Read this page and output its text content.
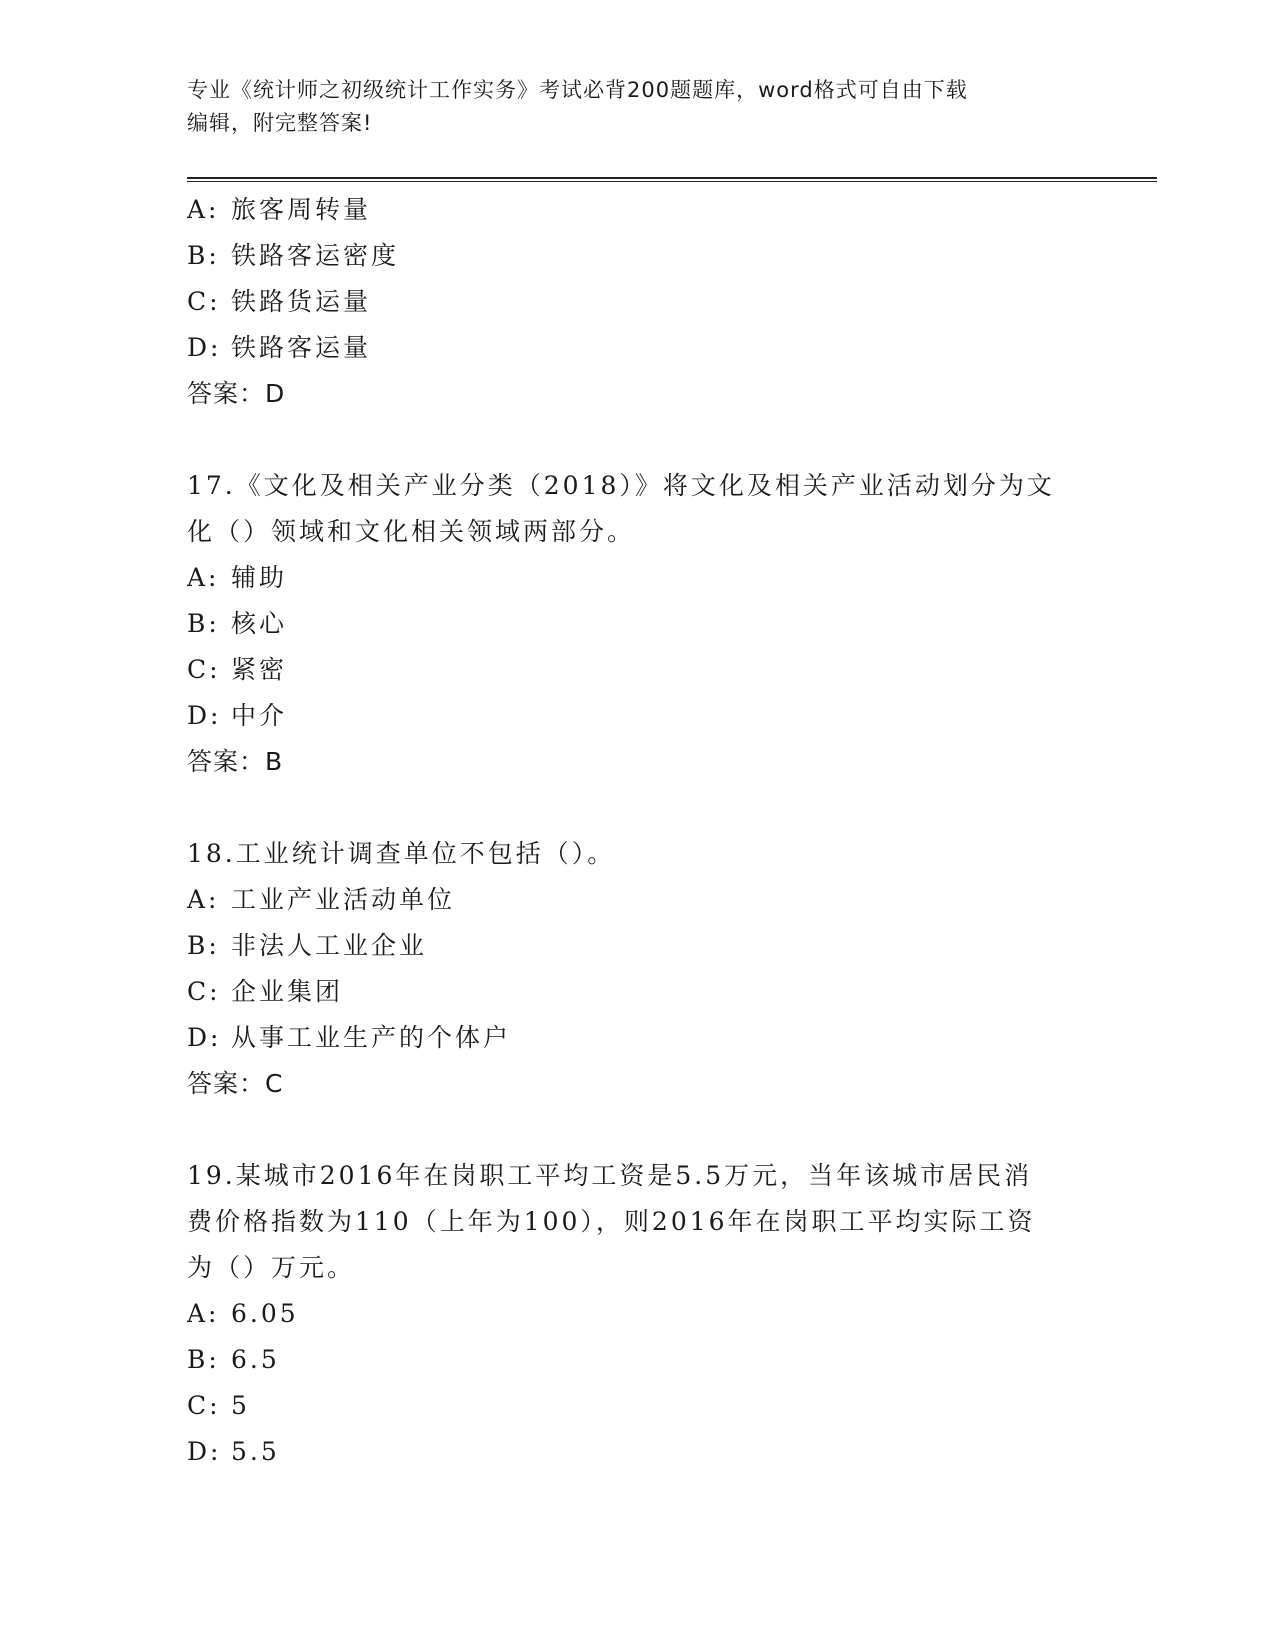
专业《统计师之初级统计工作实务》考试必背200题题库，word格式可自由下载
编辑，附完整答案!
A: 旅客周转量
B: 铁路客运密度
C: 铁路货运量
D: 铁路客运量
答案：D
17.《文化及相关产业分类（2018）》将文化及相关产业活动划分为文
化（）领域和文化相关领域两部分。
A: 辅助
B: 核心
C: 紧密
D: 中介
答案：B
18.工业统计调查单位不包括（）。
A: 工业产业活动单位
B: 非法人工业企业
C: 企业集团
D: 从事工业生产的个体户
答案：C
19.某城市2016年在岗职工平均工资是5.5万元，当年该城市居民消
费价格指数为110（上年为100），则2016年在岗职工平均实际工资
为（）万元。
A: 6.05
B: 6.5
C: 5
D: 5.5
